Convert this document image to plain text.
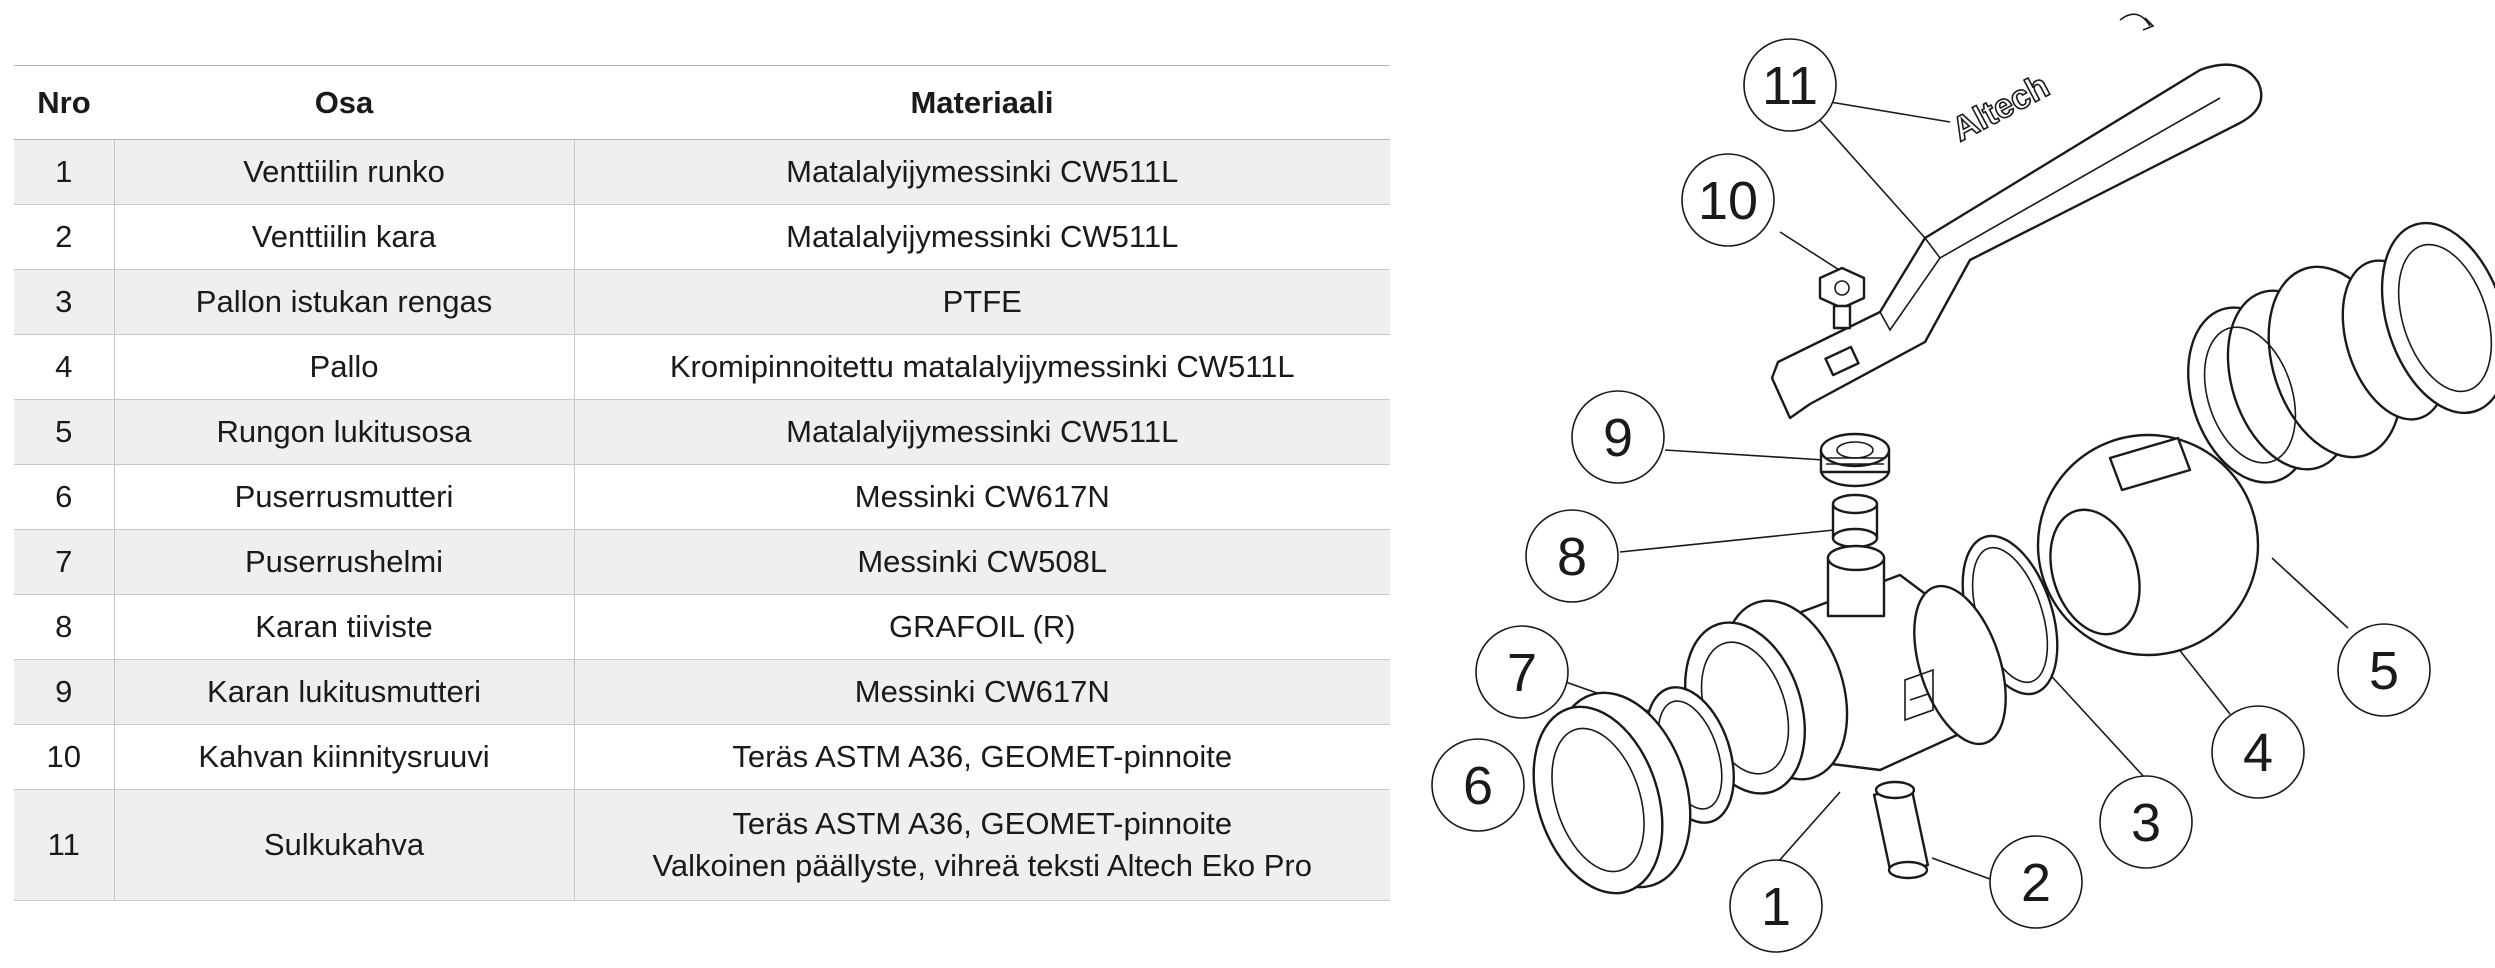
Nro	Osa	Materiaali
1	Venttiilin runko	Matalalyijymessinki CW511L

2	Venttiilin kara	Matalalyijymessinki CW511L

3	Pallon istukan rengas	PTFE

4	Pallo	Kromipinnoitettu matalalyijymessinki CW511L

5	Rungon lukitusosa	Matalalyijymessinki CW511L

6	Puserrusmutteri	Messinki CW617N

7	Puserrushelmi	Messinki CW508L

8	Karan tiiviste	GRAFOIL (R)

9	Karan lukitusmutteri	Messinki CW617N

10	Kahvan kiinnitysruuvi	Teräs ASTM A36, GEOMET-pinnoite

11	Sulkukahva	Teräs ASTM A36, GEOMET-pinnoite
Valkoinen päällyste, vihreä teksti Altech Eko Pro
Altech
11
10
9
8
7
6
1	2
3
4
5
